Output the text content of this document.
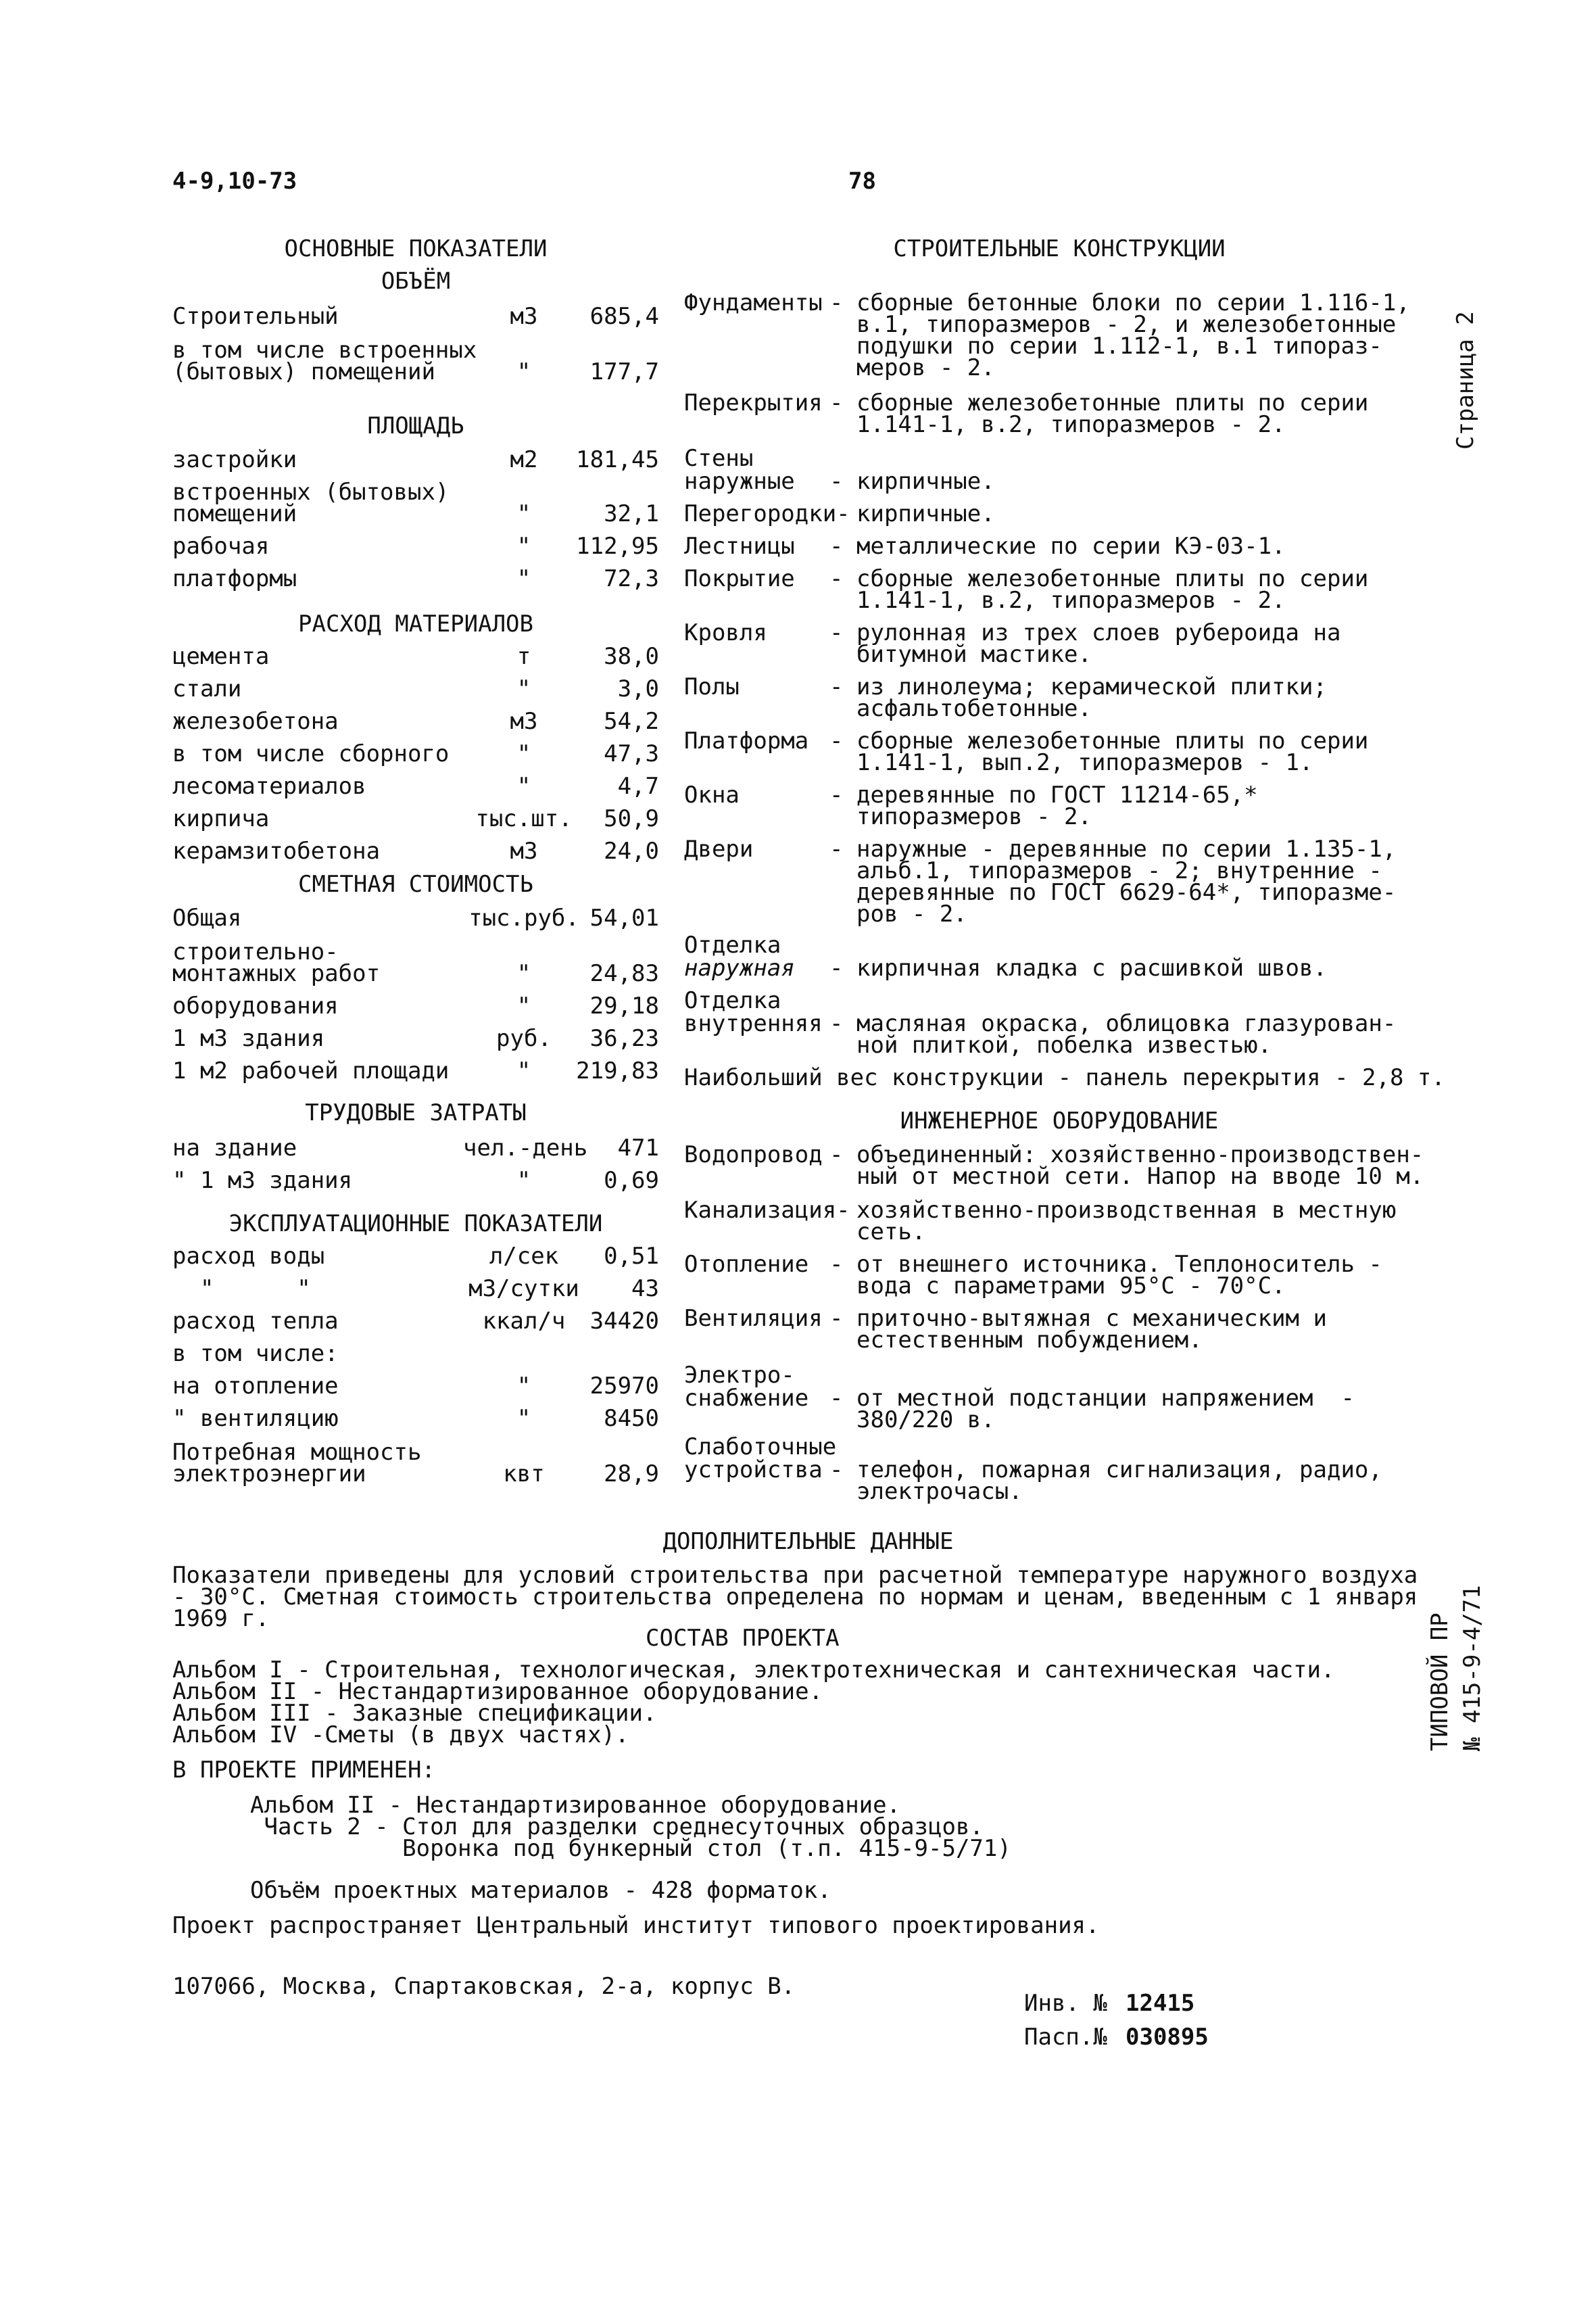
4-9,10-73	78
Страница 2
ТИПОВОЙ ПР № 415-9-4/71
ОСНОВНЫЕ ПОКАЗАТЕЛИ
ОБЪЁМ
Строительный	м3	685,4
в том числе встроенных
(бытовых) помещений	"	177,7
ПЛОЩАДЬ
застройки	м2	181,45
встроенных (бытовых)
помещений	"	32,1
рабочая	"	112,95
платформы	"	72,3
РАСХОД МАТЕРИАЛОВ
цемента	т	38,0
стали	"	3,0
железобетона	м3	54,2
в том числе сборного	"	47,3
лесоматериалов	"	4,7
кирпича	тыс.шт.	50,9
керамзитобетона	м3	24,0
СМЕТНАЯ СТОИМОСТЬ
Общая	тыс.руб. 54,01
строительно-
монтажных работ	"	24,83
оборудования	"	29,18
1 м3 здания	руб.	36,23
1 м2 рабочей площади	"	219,83
ТРУДОВЫЕ ЗАТРАТЫ
на здание	чел.-день 471
" 1 м3 здания	"	0,69
ЭКСПЛУАТАЦИОННЫЕ ПОКАЗАТЕЛИ
расход воды	л/сек	0,51
"      "	м3/сутки 43
расход тепла	ккал/ч	34420
в том числе:
на отопление	"	25970
" вентиляцию	"	8450
Потребная мощность
электроэнергии	квт	28,9
СТРОИТЕЛЬНЫЕ КОНСТРУКЦИИ
Фундаменты - сборные бетонные блоки по серии 1.116-1,
в.1, типоразмеров - 2, и железобетонные
подушки по серии 1.112-1, в.1 типораз-
меров - 2.
Перекрытия - сборные железобетонные плиты по серии
1.141-1, в.2, типоразмеров - 2.
Стены
наружные - кирпичные.
Перегородки- кирпичные.
Лестницы - металлические по серии КЭ-03-1.
Покрытие - сборные железобетонные плиты по серии
1.141-1, в.2, типоразмеров - 2.
Кровля	- рулонная из трех слоев рубероида на
битумной мастике.
Полы	- из линолеума; керамической плитки;
асфальтобетонные.
Платформа - сборные железобетонные плиты по серии
1.141-1, вып.2, типоразмеров - 1.
Окна	- деревянные по ГОСТ 11214-65,*
типоразмеров - 2.
Двери	- наружные - деревянные по серии 1.135-1,
альб.1, типоразмеров - 2; внутренние -
деревянные по ГОСТ 6629-64*, типоразме-
ров - 2.
Отделка
наружная - кирпичная кладка с расшивкой швов.
Отделка
внутренняя - масляная окраска, облицовка глазурован-
ной плиткой, побелка известью.
Наибольший вес конструкции - панель перекрытия - 2,8 т.
ИНЖЕНЕРНОЕ ОБОРУДОВАНИЕ
Водопровод - объединенный: хозяйственно-производствен-
ный от местной сети. Напор на вводе 10 м.
Канализация- хозяйственно-производственная в местную
сеть.
Отопление - от внешнего источника. Теплоноситель -
вода с параметрами 95°С - 70°С.
Вентиляция - приточно-вытяжная с механическим и
естественным побуждением.
Электро-
снабжение - от местной подстанции напряжением  -
380/220 в.
Слаботочные
устройства - телефон, пожарная сигнализация, радио,
электрочасы.
ДОПОЛНИТЕЛЬНЫЕ ДАННЫЕ
Показатели приведены для условий строительства при расчетной температуре наружного воздуха
- 30°С. Сметная стоимость строительства определена по нормам и ценам, введенным с 1 января
1969 г.
СОСТАВ ПРОЕКТА
Альбом I - Строительная, технологическая, электротехническая и сантехническая части.
Альбом II - Нестандартизированное оборудование.
Альбом III - Заказные спецификации.
Альбом IV -Сметы (в двух частях).
В ПРОЕКТЕ ПРИМЕНЕН:
Альбом II - Нестандартизированное оборудование.
Часть 2 - Стол для разделки среднесуточных образцов.
Воронка под бункерный стол (т.п. 415-9-5/71)
Объём проектных материалов - 428 форматок.
Проект распространяет Центральный институт типового проектирования.
107066, Москва, Спартаковская, 2-а, корпус В.
Инв. № 12415
Пасп.№ 030895
